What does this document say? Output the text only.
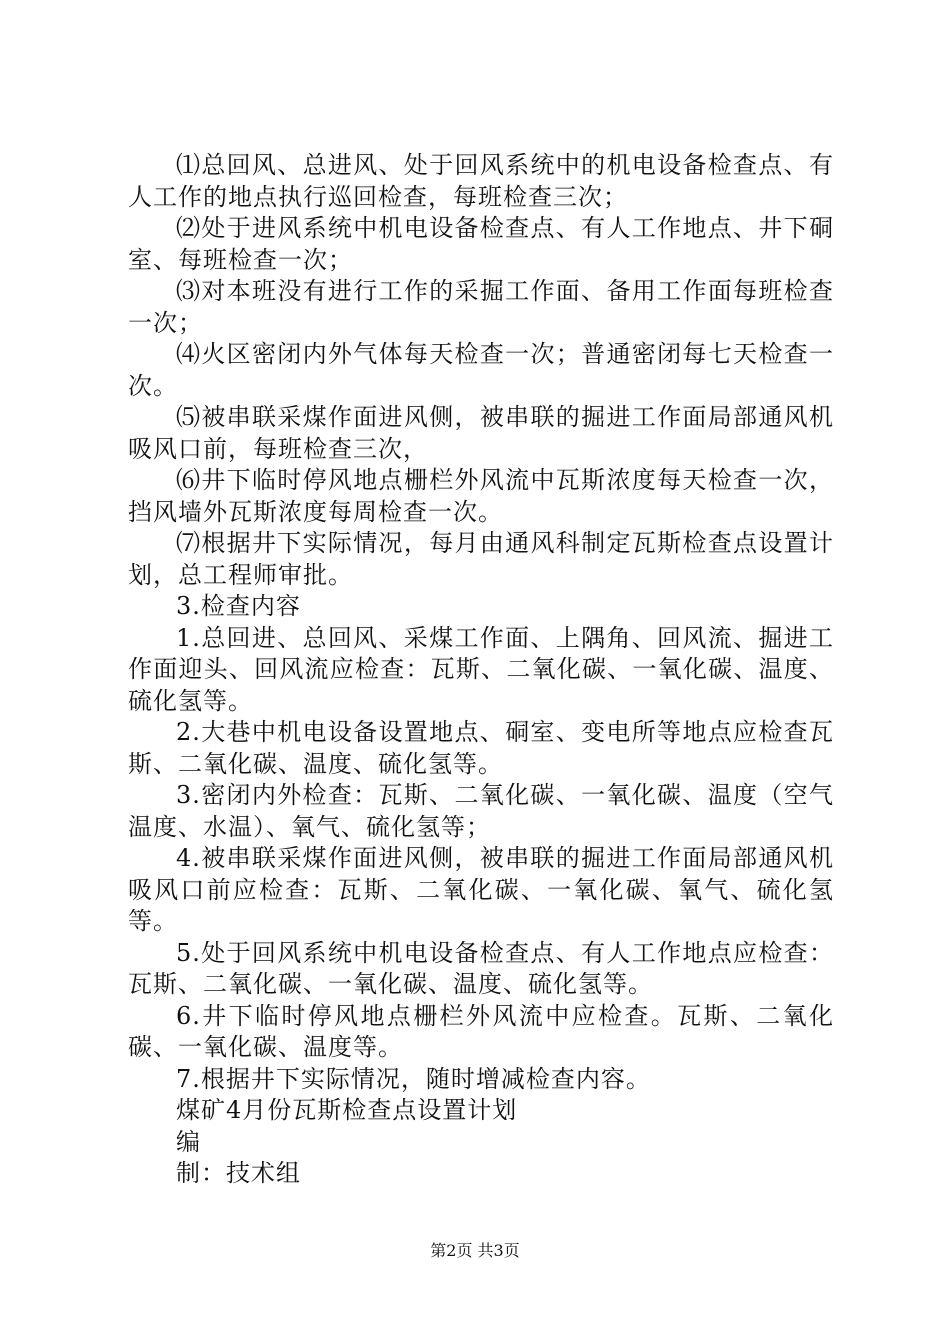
⑴总回风、总进风、处于回风系统中的机电设备检查点、有人工作的地点执行巡回检查，每班检查三次；

⑵处于进风系统中机电设备检查点、有人工作地点、井下硐室、每班检查一次；

⑶对本班没有进行工作的采掘工作面、备用工作面每班检查一次；

⑷火区密闭内外气体每天检查一次；普通密闭每七天检查一次。

⑸被串联采煤作面进风侧，被串联的掘进工作面局部通风机吸风口前，每班检查三次，

⑹井下临时停风地点栅栏外风流中瓦斯浓度每天检查一次，挡风墙外瓦斯浓度每周检查一次。

⑺根据井下实际情况，每月由通风科制定瓦斯检查点设置计划，总工程师审批。

3.检查内容

1.总回进、总回风、采煤工作面、上隅角、回风流、掘进工作面迎头、回风流应检查：瓦斯、二氧化碳、一氧化碳、温度、硫化氢等。

2.大巷中机电设备设置地点、硐室、变电所等地点应检查瓦斯、二氧化碳、温度、硫化氢等。

3.密闭内外检查：瓦斯、二氧化碳、一氧化碳、温度（空气温度、水温）、氧气、硫化氢等；

4.被串联采煤作面进风侧，被串联的掘进工作面局部通风机吸风口前应检查：瓦斯、二氧化碳、一氧化碳、氧气、硫化氢等。

5.处于回风系统中机电设备检查点、有人工作地点应检查：瓦斯、二氧化碳、一氧化碳、温度、硫化氢等。

6.井下临时停风地点栅栏外风流中应检查。瓦斯、二氧化碳、一氧化碳、温度等。

7.根据井下实际情况，随时增减检查内容。

煤矿4月份瓦斯检查点设置计划

编

制：技术组

第2页 共3页
